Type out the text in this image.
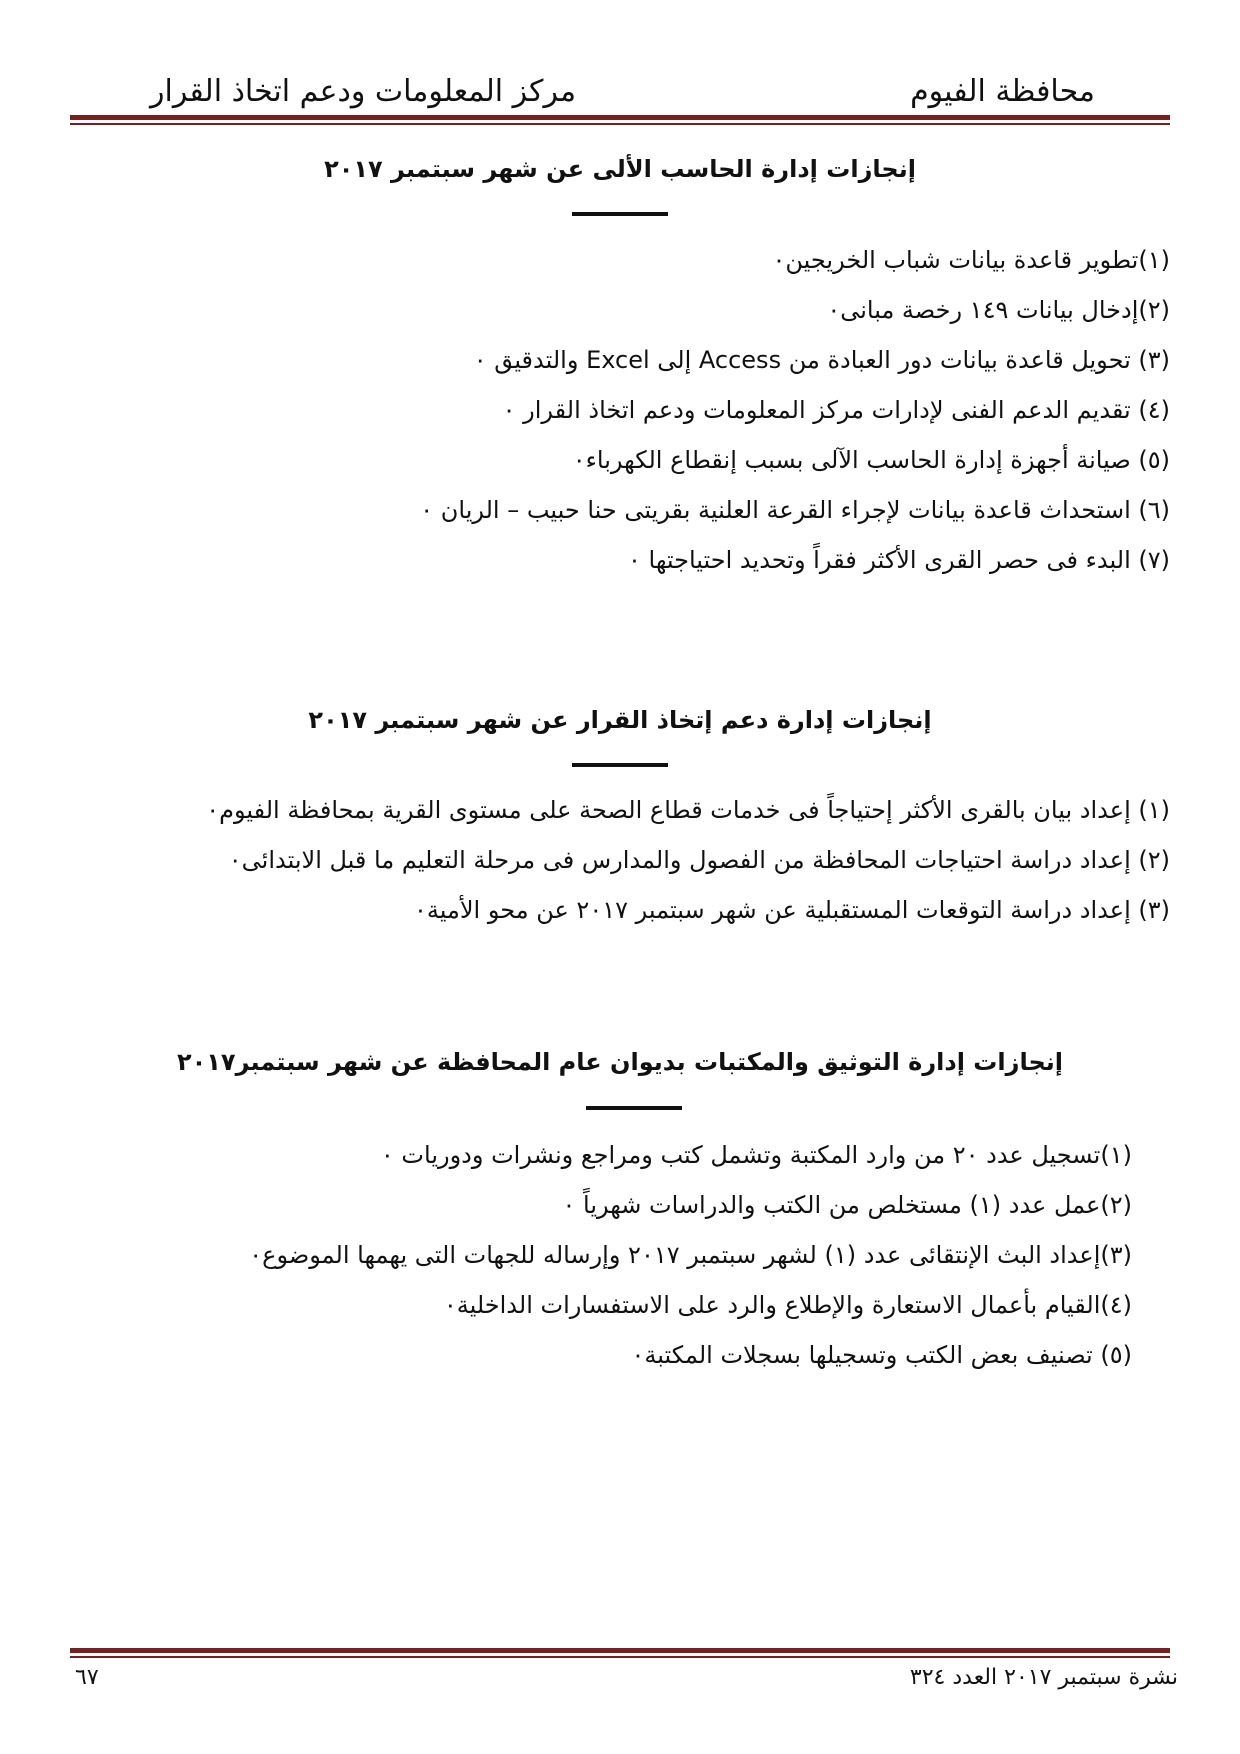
محافظة الفيوم
مركز المعلومات ودعم اتخاذ القرار
إنجازات إدارة الحاسب الألى عن شهر سبتمبر ٢٠١٧
(١)تطوير قاعدة بيانات شباب الخريجين٠
(٢)إدخال بيانات ١٤٩ رخصة مبانى٠
(٣) تحويل قاعدة بيانات دور العبادة من Access إلى Excel والتدقيق ٠
(٤) تقديم الدعم الفنى لإدارات مركز المعلومات ودعم اتخاذ القرار ٠
(٥) صيانة أجهزة إدارة الحاسب الآلى بسبب إنقطاع الكهرباء٠
(٦) استحداث قاعدة بيانات لإجراء القرعة العلنية بقريتى حنا حبيب – الريان ٠
(٧) البدء فى حصر القرى الأكثر فقراً وتحديد احتياجتها ٠
إنجازات إدارة دعم إتخاذ القرار عن شهر سبتمبر ٢٠١٧
(١) إعداد بيان بالقرى الأكثر إحتياجاً فى خدمات قطاع الصحة على مستوى القرية بمحافظة الفيوم٠
(٢) إعداد دراسة احتياجات المحافظة من الفصول والمدارس فى مرحلة التعليم ما قبل الابتدائى٠
(٣) إعداد دراسة التوقعات المستقبلية عن شهر سبتمبر ٢٠١٧ عن محو الأمية٠
إنجازات إدارة التوثيق والمكتبات بديوان عام المحافظة عن شهر سبتمبر٢٠١٧
(١)تسجيل عدد ٢٠ من وارد المكتبة وتشمل كتب ومراجع ونشرات ودوريات ٠
(٢)عمل عدد (١) مستخلص من الكتب والدراسات شهرياً ٠
(٣)إعداد البث الإنتقائى عدد (١) لشهر سبتمبر ٢٠١٧ وإرساله للجهات التى يهمها الموضوع٠
(٤)القيام بأعمال الاستعارة والإطلاع والرد على الاستفسارات الداخلية٠
(٥) تصنيف بعض الكتب وتسجيلها بسجلات المكتبة٠
نشرة سبتمبر ٢٠١٧ العدد ٣٢٤
٦٧
